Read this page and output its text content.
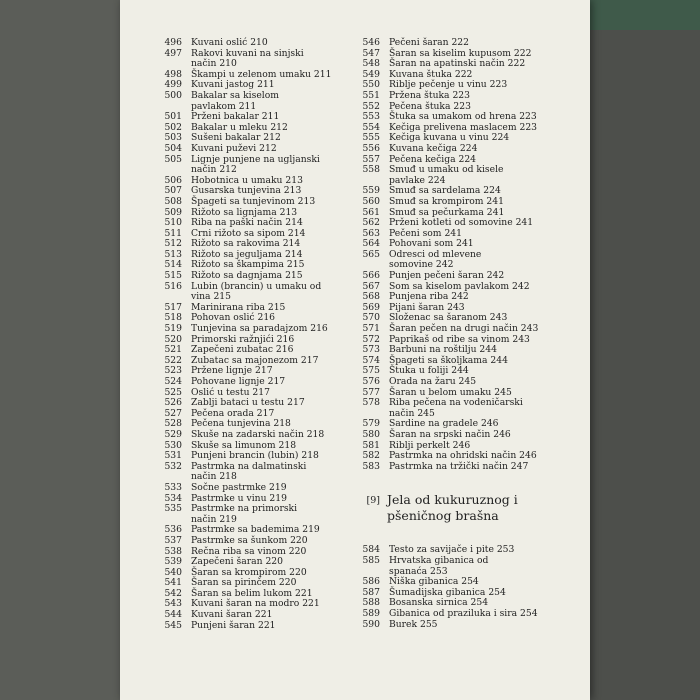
496 Kuvani oslić 210
497 Rakovi kuvani na sinjski
način 210
498 Škampi u zelenom umaku 211
499 Kuvani jastog 211
500 Bakalar sa kiselom
pavlakom 211
501 Prženi bakalar 211
502 Bakalar u mleku 212
503 Sušeni bakalar 212
504 Kuvani puževi 212
505 Lignje punjene na ugljanski
način 212
506 Hobotnica u umaku 213
507 Gusarska tunjevina 213
508 Špageti sa tunjevinom 213
509 Rižoto sa lignjama 213
510 Riba na paški način 214
511 Crni rižoto sa sipom 214
512 Rižoto sa rakovima 214
513 Rižoto sa jeguljama 214
514 Rižoto sa škampima 215
515 Rižoto sa dagnjama 215
516 Lubin (brancin) u umaku od
vina 215
517 Marinirana riba 215
518 Pohovan oslić 216
519 Tunjevina sa paradajzom 216
520 Primorski ražnjići 216
521 Zapečeni zubatac 216
522 Zubatac sa majonezom 217
523 Pržene lignje 217
524 Pohovane lignje 217
525 Oslić u testu 217
526 Zablji bataci u testu 217
527 Pečena orada 217
528 Pečena tunjevina 218
529 Skuše na zadarski način 218
530 Skuše sa limunom 218
531 Punjeni brancin (lubin) 218
532 Pastrmka na dalmatinski
način 218
533 Sočne pastrmke 219
534 Pastrmke u vinu 219
535 Pastrmke na primorski
način 219
536 Pastrmke sa bademima 219
537 Pastrmke sa šunkom 220
538 Rečna riba sa vinom 220
539 Zapečeni šaran 220
540 Šaran sa krompirom 220
541 Šaran sa pirinčem 220
542 Šaran sa belim lukom 221
543 Kuvani šaran na modro 221
544 Kuvani šaran 221
545 Punjeni šaran 221
546 Pečeni šaran 222
547 Šaran sa kiselim kupusom 222
548 Šaran na apatinski način 222
549 Kuvana štuka 222
550 Riblje pečenje u vinu 223
551 Pržena štuka 223
552 Pečena štuka 223
553 Štuka sa umakom od hrena 223
554 Kečiga prelivena maslacem 223
555 Kečiga kuvana u vinu 224
556 Kuvana kečiga 224
557 Pečena kečiga 224
558 Smuđ u umaku od kisele
pavlake 224
559 Smuđ sa sardelama 224
560 Smuđ sa krompirom 241
561 Smuđ sa pečurkama 241
562 Prženi kotleti od somovine 241
563 Pečeni som 241
564 Pohovani som 241
565 Odresci od mlevene
somovine 242
566 Punjen pečeni šaran 242
567 Som sa kiselom pavlakom 242
568 Punjena riba 242
569 Pijani šaran 243
570 Složenac sa šaranom 243
571 Šaran pečen na drugi način 243
572 Paprikaš od ribe sa vinom 243
573 Barbuni na roštilju 244
574 Špageti sa školjkama 244
575 Štuka u foliji 244
576 Orada na žaru 245
577 Šaran u belom umaku 245
578 Riba pečena na vodeničarski
način 245
579 Sardine na gradele 246
580 Šaran na srpski način 246
581 Riblji perkelt 246
582 Pastrmka na ohridski način 246
583 Pastrmka na tržički način 247
[9] Jela od kukuruznog i
pšeničnog brašna
584 Testo za savijače i pite 253
585 Hrvatska gibanica od
spanaća 253
586 Niška gibanica 254
587 Šumadijska gibanica 254
588 Bosanska sirnica 254
589 Gibanica od praziluka i sira 254
590 Burek 255
